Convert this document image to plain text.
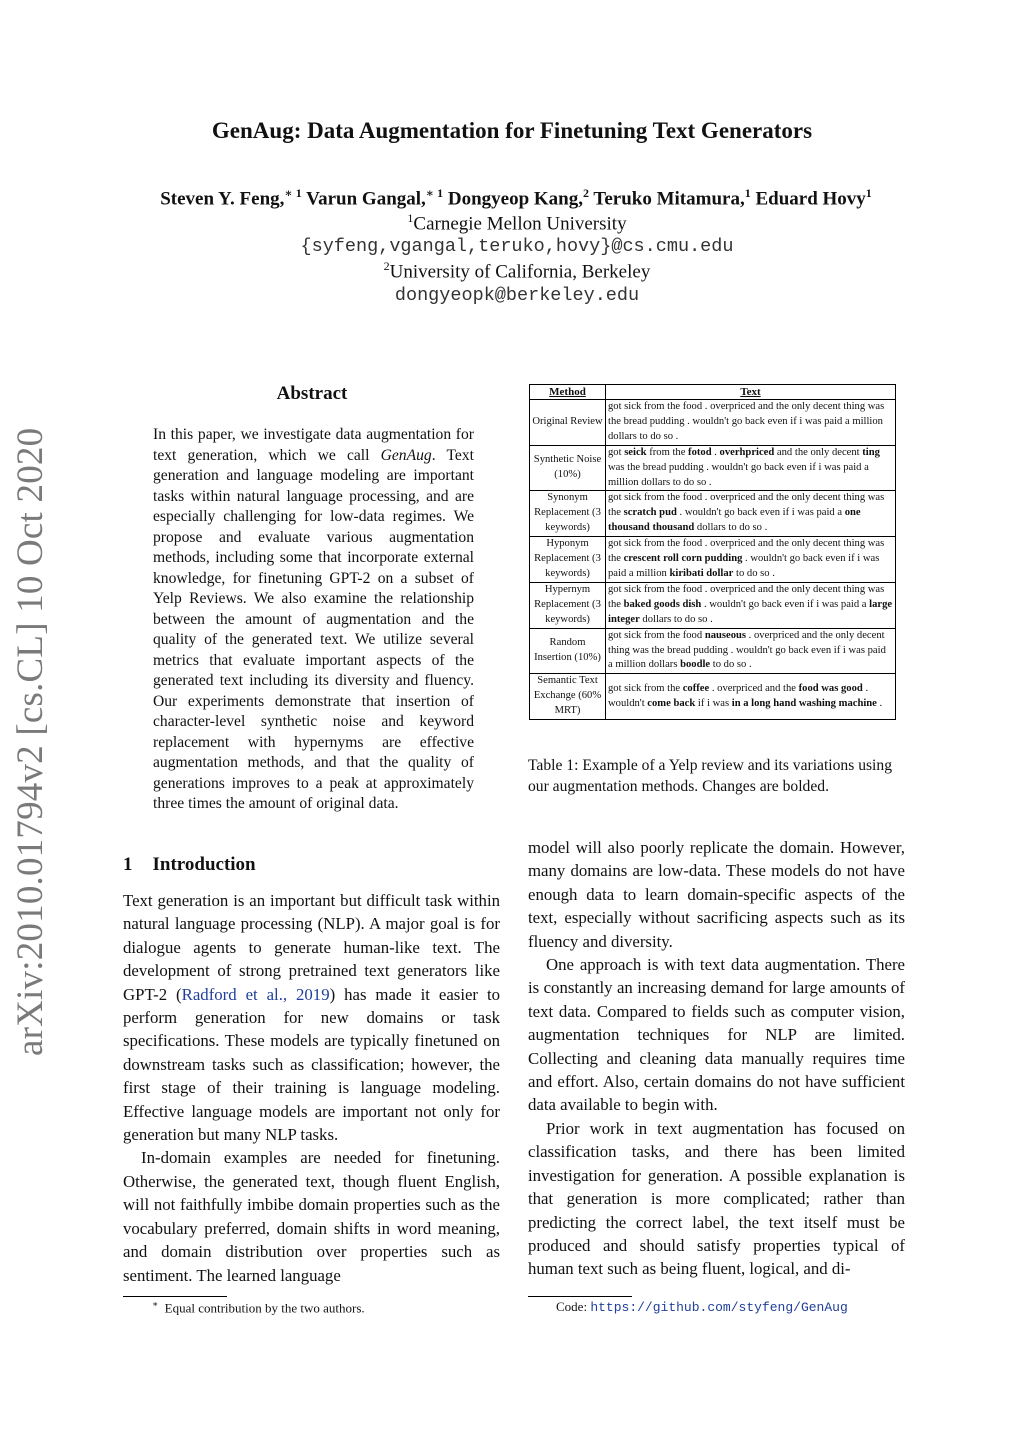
arXiv:2010.01794v2 [cs.CL] 10 Oct 2020
GenAug: Data Augmentation for Finetuning Text Generators
Steven Y. Feng,$^{∗ 1}$ Varun Gangal,$^{∗ 1}$ Dongyeop Kang,$^2$ Teruko Mitamura,$^1$ Eduard Hovy$^1$
$^1$Carnegie Mellon University
{syfeng,vgangal,teruko,hovy}@cs.cmu.edu
$^2$University of California, Berkeley
dongyeopk@berkeley.edu
Abstract
In this paper, we investigate data augmentation for text generation, which we call GenAug. Text generation and language modeling are important tasks within natural language processing, and are especially challenging for low-data regimes. We propose and evaluate various augmentation methods, including some that incorporate external knowledge, for finetuning GPT-2 on a subset of Yelp Reviews. We also examine the relationship between the amount of augmentation and the quality of the generated text. We utilize several metrics that evaluate important aspects of the generated text including its diversity and fluency. Our experiments demonstrate that insertion of character-level synthetic noise and keyword replacement with hypernyms are effective augmentation methods, and that the quality of generations improves to a peak at approximately three times the amount of original data.
Method	Text
Original Review	got sick from the food . overpriced and the only decent thing was the bread pudding . wouldn't go back even if i was paid a million dollars to do so .
Synthetic Noise (10%)	got seick from the fotod . overhpriced and the only decent ting was the bread pudding . wouldn't go back even if i was paid a million dollars to do so .
Synonym Replacement (3 keywords)	got sick from the food . overpriced and the only decent thing was the scratch pud . wouldn't go back even if i was paid a one thousand thousand dollars to do so .
Hyponym Replacement (3 keywords)	got sick from the food . overpriced and the only decent thing was the crescent roll corn pudding . wouldn't go back even if i was paid a million kiribati dollar to do so .
Hypernym Replacement (3 keywords)	got sick from the food . overpriced and the only decent thing was the baked goods dish . wouldn't go back even if i was paid a large integer dollars to do so .
Random Insertion (10%)	got sick from the food nauseous . overpriced and the only decent thing was the bread pudding . wouldn't go back even if i was paid a million dollars boodle to do so .
Semantic Text Exchange (60% MRT)	got sick from the coffee . overpriced and the food was good . wouldn't come back if i was in a long hand washing machine .
Table 1: Example of a Yelp review and its variations using our augmentation methods. Changes are bolded.
1 Introduction

Text generation is an important but difficult task within natural language processing (NLP). A major goal is for dialogue agents to generate human-like text. The development of strong pretrained text generators like GPT-2 (Radford et al., 2019) has made it easier to perform generation for new domains or task specifications. These models are typically finetuned on downstream tasks such as classification; however, the first stage of their training is language modeling. Effective language models are important not only for generation but many NLP tasks.

In-domain examples are needed for finetuning. Otherwise, the generated text, though fluent English, will not faithfully imbibe domain properties such as the vocabulary preferred, domain shifts in word meaning, and domain distribution over properties such as sentiment. The learned language

model will also poorly replicate the domain. However, many domains are low-data. These models do not have enough data to learn domain-specific aspects of the text, especially without sacrificing aspects such as its fluency and diversity.

One approach is with text data augmentation. There is constantly an increasing demand for large amounts of text data. Compared to fields such as computer vision, augmentation techniques for NLP are limited. Collecting and cleaning data manually requires time and effort. Also, certain domains do not have sufficient data available to begin with.

Prior work in text augmentation has focused on classification tasks, and there has been limited investigation for generation. A possible explanation is that generation is more complicated; rather than predicting the correct label, the text itself must be produced and should satisfy properties typical of human text such as being fluent, logical, and di-

∗ Equal contribution by the two authors.	Code: https://github.com/styfeng/GenAug
